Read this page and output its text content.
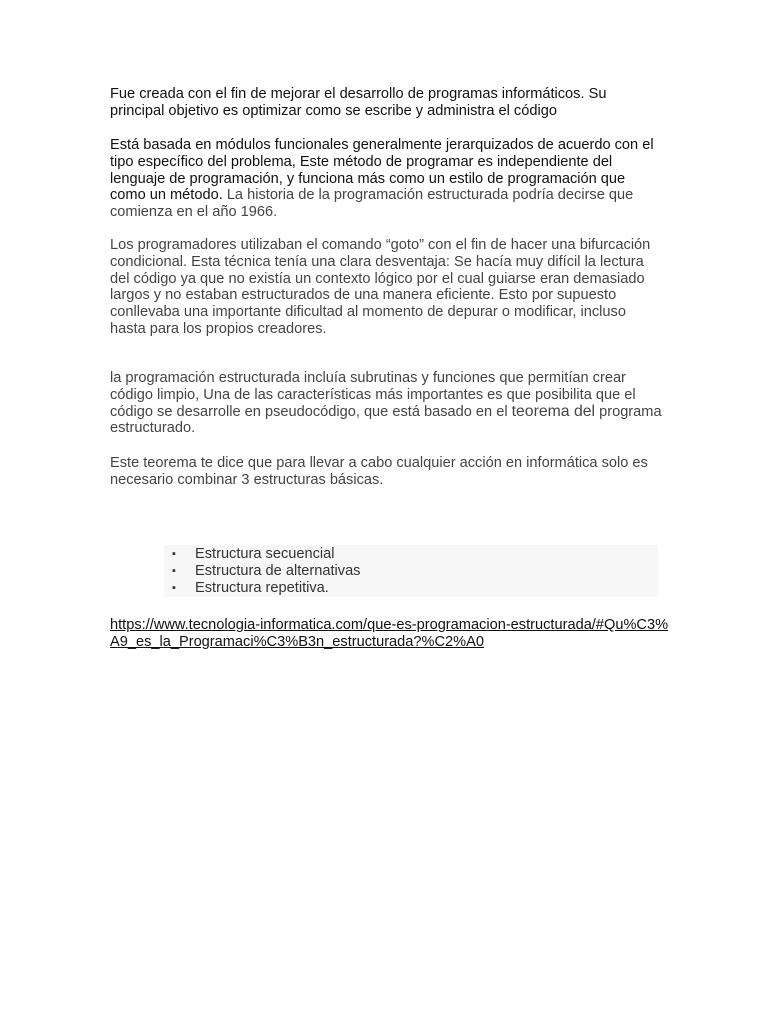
Fue creada con el fin de mejorar el desarrollo de programas informáticos. Su principal objetivo es optimizar como se escribe y administra el código

Está basada en módulos funcionales generalmente jerarquizados de acuerdo con el tipo específico del problema, Este método de programar es independiente del lenguaje de programación, y funciona más como un estilo de programación que como un método. La historia de la programación estructurada podría decirse que comienza en el año 1966.

Los programadores utilizaban el comando “goto” con el fin de hacer una bifurcación condicional. Esta técnica tenía una clara desventaja: Se hacía muy difícil la lectura del código ya que no existía un contexto lógico por el cual guiarse eran demasiado largos y no estaban estructurados de una manera eficiente. Esto por supuesto conllevaba una importante dificultad al momento de depurar o modificar, incluso hasta para los propios creadores.

la programación estructurada incluía subrutinas y funciones que permitían crear código limpio, Una de las características más importantes es que posibilita que el código se desarrolle en pseudocódigo, que está basado en el teorema del programa estructurado.

Este teorema te dice que para llevar a cabo cualquier acción en informática solo es necesario combinar 3 estructuras básicas.

▪ Estructura secuencial
▪ Estructura de alternativas
▪ Estructura repetitiva.
https://www.tecnologia-informatica.com/que-es-programacion-estructurada/#Qu%C3%A9_es_la_Programaci%C3%B3n_estructurada?%C2%A0
